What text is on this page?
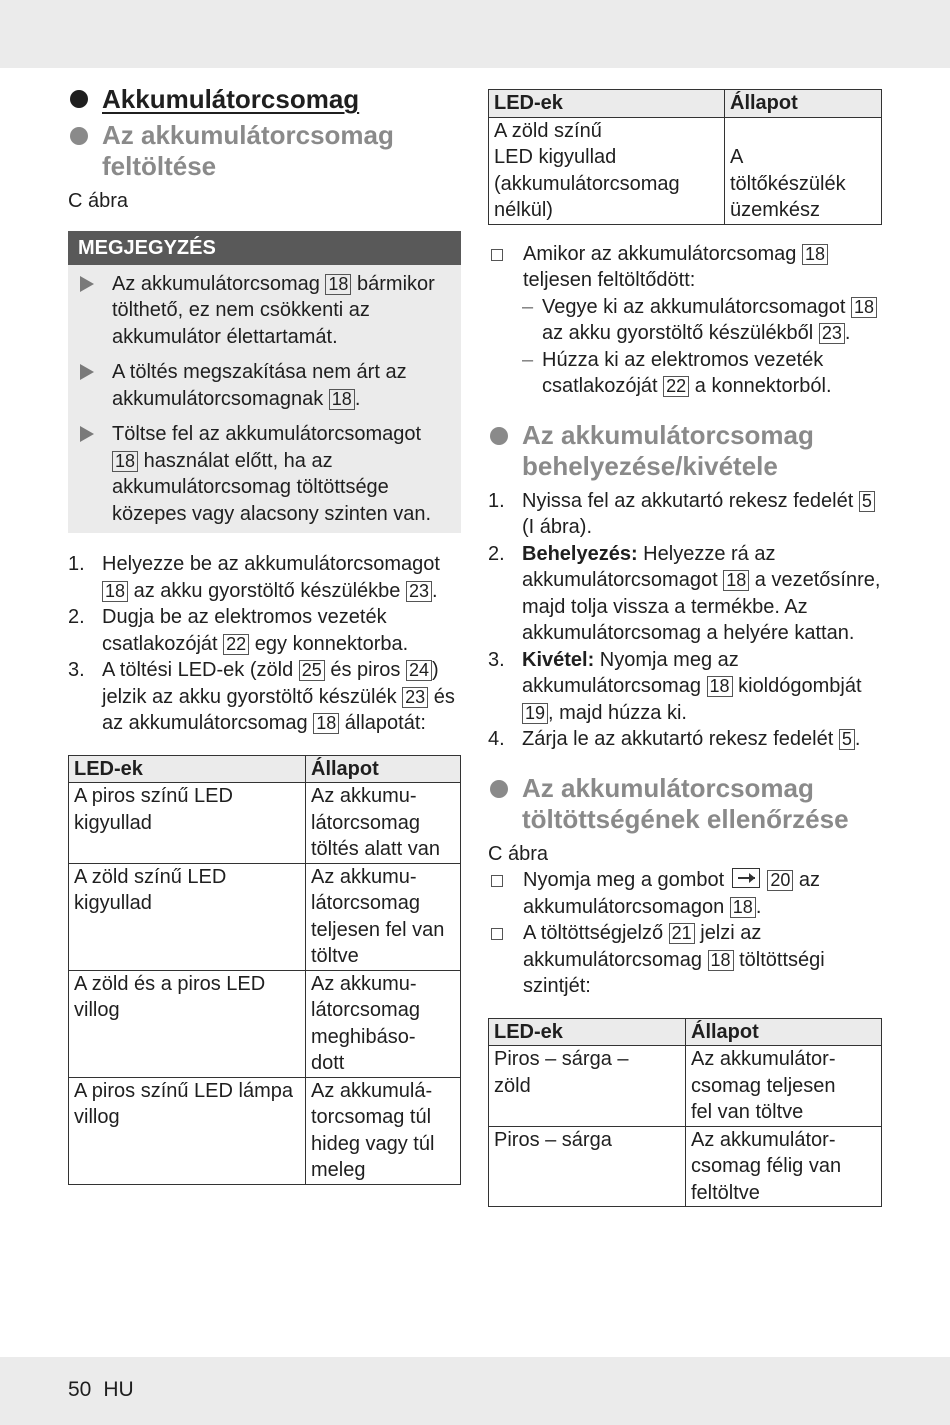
Akkumulátorcsomag
Az akkumulátorcsomag feltöltése
C ábra
MEGJEGYZÉS
Az akkumulátorcsomag 18 bármikor tölthető, ez nem csökkenti az akkumulátor élettartamát.
A töltés megszakítása nem árt az akkumulátorcsomagnak 18 .
Töltse fel az akkumulátorcsomagot 18 használat előtt, ha az akkumulátorcsomag töltöttsége közepes vagy alacsony szinten van.
1. Helyezze be az akkumulátorcsomagot 18 az akku gyorstöltő készülékbe 23 .
2. Dugja be az elektromos vezeték csatlakozóját 22 egy konnektorba.
3. A töltési LED-ek (zöld 25 és piros 24 ) jelzik az akku gyorstöltő készülék 23 és az akkumulátorcsomag 18 állapotát:
LED-ek	Állapot
A piros színű LED kigyullad	Az akkumu-
látorcsomag
töltés alatt van
A zöld színű LED kigyullad	Az akkumu-
látorcsomag
teljesen fel van
töltve
A zöld és a piros LED villog	Az akkumu-
látorcsomag
meghibáso-
dott
A piros színű LED lámpa villog	Az akkumulá-
torcsomag túl
hideg vagy túl
meleg
LED-ek	Állapot
A zöld színű
LED kigyullad
(akkumulátorcsomag
nélkül)	A
töltőkészülék
üzemkész
Amikor az akkumulátorcsomag 18 teljesen feltöltődött:
– Vegye ki az akkumulátorcsomagot 18 az akku gyorstöltő készülékből 23 .
– Húzza ki az elektromos vezeték csatlakozóját 22 a konnektorból.
Az akkumulátorcsomag behelyezése/kivétele
1. Nyissa fel az akkutartó rekesz fedelét 5 (I ábra).
2. Behelyezés: Helyezze rá az akkumulátorcsomagot 18 a vezetősínre, majd tolja vissza a termékbe. Az akkumulátorcsomag a helyére kattan.
3. Kivétel: Nyomja meg az akkumulátorcsomag 18 kioldógombját 19 , majd húzza ki.
4. Zárja le az akkutartó rekesz fedelét 5 .
Az akkumulátorcsomag töltöttségének ellenőrzése
C ábra
Nyomja meg a gombot  20 az akkumulátorcsomagon 18 .
A töltöttségjelző 21 jelzi az akkumulátorcsomag 18 töltöttségi szintjét:
LED-ek	Állapot
Piros – sárga –
zöld	Az akkumulátor-
csomag teljesen
fel van töltve
Piros – sárga	Az akkumulátor-
csomag félig van
feltöltve
50 HU
